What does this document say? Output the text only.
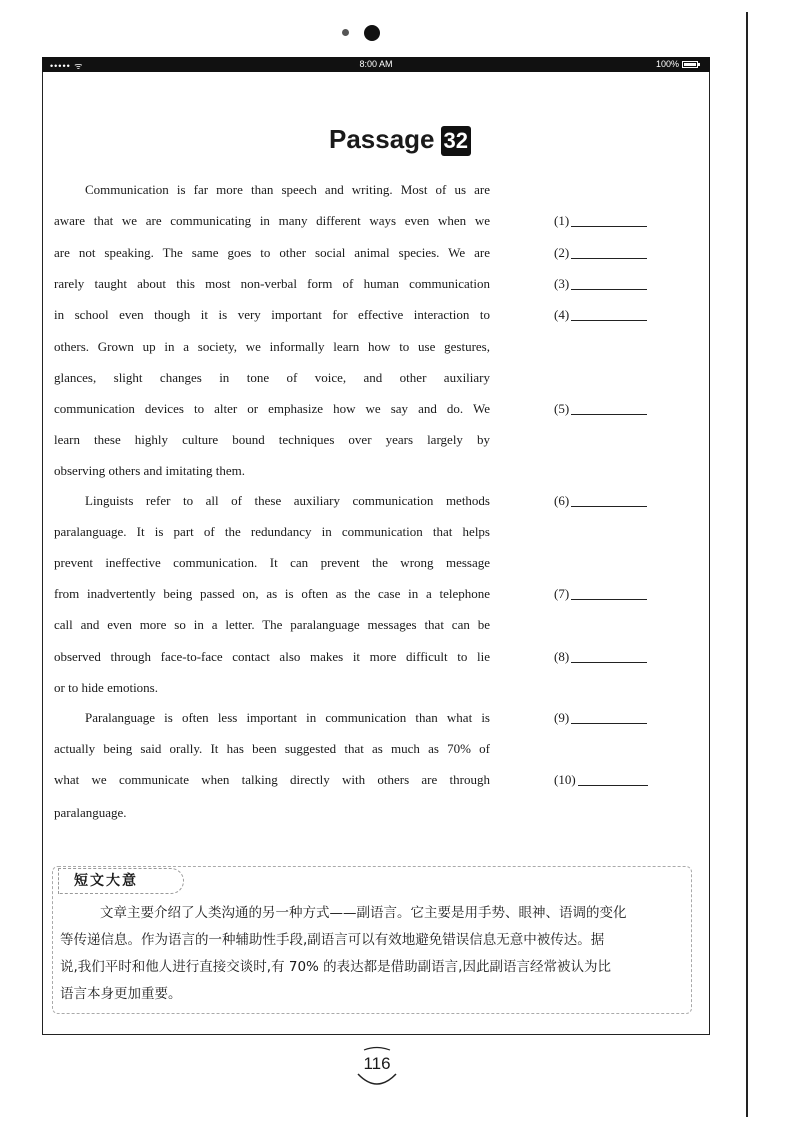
••••• ᯤ	8:00 AM	100%
Passage 32
Communication is far more than speech and writing. Most of us are
aware that we are communicating in many different ways even when we
are not speaking. The same goes to other social animal species. We are
rarely taught about this most non-verbal form of human communication
in school even though it is very important for effective interaction to
others. Grown up in a society, we informally learn how to use gestures,
glances, slight changes in tone of voice, and other auxiliary
communication devices to alter or emphasize how we say and do. We
learn these highly culture bound techniques over years largely by
observing others and imitating them.
Linguists refer to all of these auxiliary communication methods
paralanguage. It is part of the redundancy in communication that helps
prevent ineffective communication. It can prevent the wrong message
from inadvertently being passed on, as is often as the case in a telephone
call and even more so in a letter. The paralanguage messages that can be
observed through face-to-face contact also makes it more difficult to lie
or to hide emotions.
Paralanguage is often less important in communication than what is
actually being said orally. It has been suggested that as much as 70% of
what we communicate when talking directly with others are through
paralanguage.
(1)
(2)
(3)
(4)
(5)
(6)
(7)
(8)
(9)
(10)
短文大意
文章主要介绍了人类沟通的另一种方式——副语言。它主要是用手势、眼神、语调的变化
等传递信息。作为语言的一种辅助性手段,副语言可以有效地避免错误信息无意中被传达。据
说,我们平时和他人进行直接交谈时,有 70% 的表达都是借助副语言,因此副语言经常被认为比
语言本身更加重要。
116
